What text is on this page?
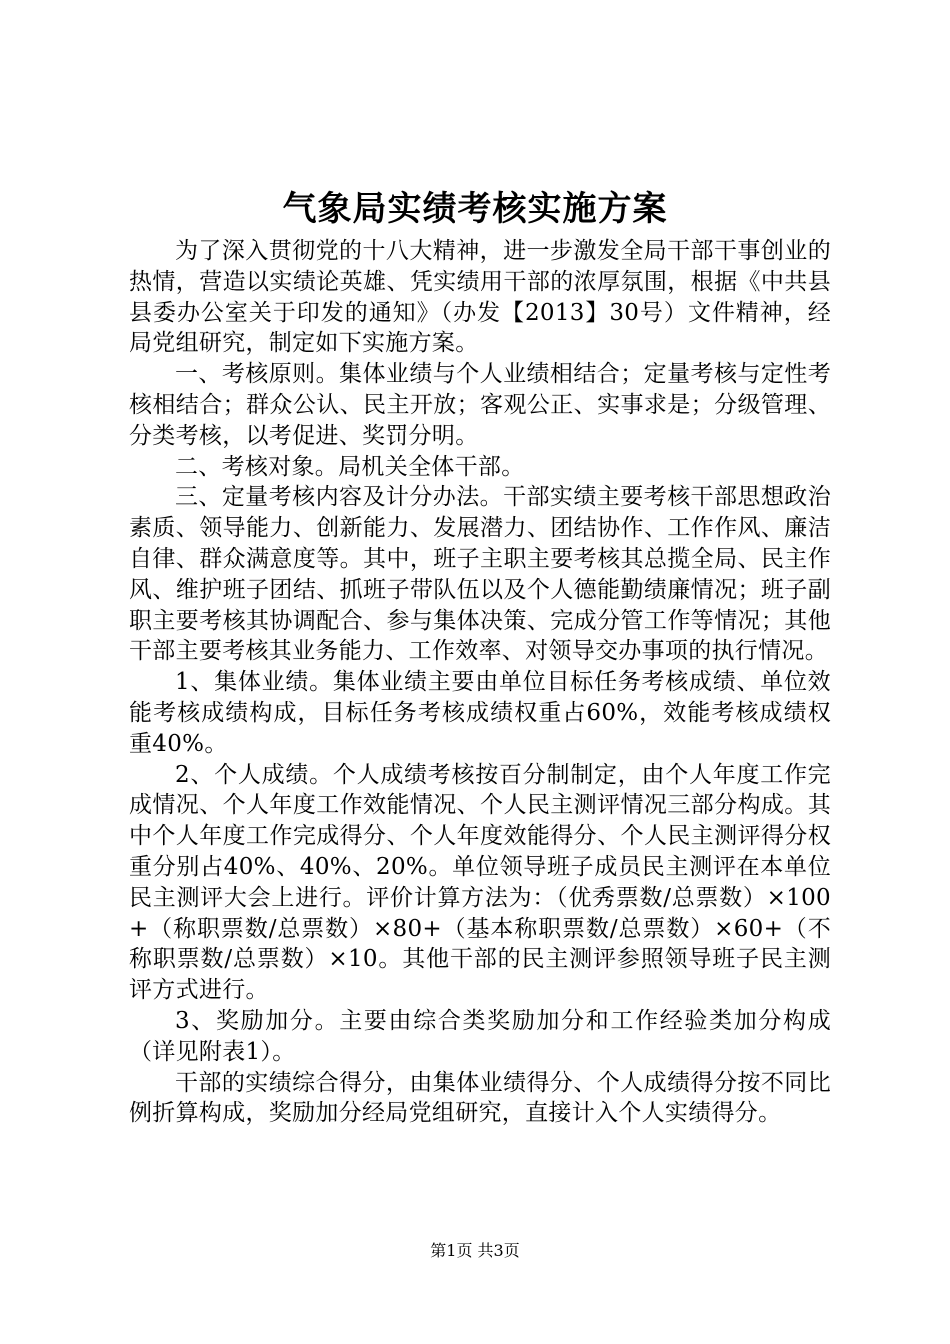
气象局实绩考核实施方案

为了深入贯彻党的十八大精神，进一步激发全局干部干事创业的热情，营造以实绩论英雄、凭实绩用干部的浓厚氛围，根据《中共县县委办公室关于印发的通知》（办发【2013】30号）文件精神，经局党组研究，制定如下实施方案。

一、考核原则。集体业绩与个人业绩相结合；定量考核与定性考核相结合；群众公认、民主开放；客观公正、实事求是；分级管理、分类考核，以考促进、奖罚分明。

二、考核对象。局机关全体干部。

三、定量考核内容及计分办法。干部实绩主要考核干部思想政治素质、领导能力、创新能力、发展潜力、团结协作、工作作风、廉洁自律、群众满意度等。其中，班子主职主要考核其总揽全局、民主作风、维护班子团结、抓班子带队伍以及个人德能勤绩廉情况；班子副职主要考核其协调配合、参与集体决策、完成分管工作等情况；其他干部主要考核其业务能力、工作效率、对领导交办事项的执行情况。

1、集体业绩。集体业绩主要由单位目标任务考核成绩、单位效能考核成绩构成，目标任务考核成绩权重占60%，效能考核成绩权重40%。

2、个人成绩。个人成绩考核按百分制制定，由个人年度工作完成情况、个人年度工作效能情况、个人民主测评情况三部分构成。其中个人年度工作完成得分、个人年度效能得分、个人民主测评得分权重分别占40%、40%、20%。单位领导班子成员民主测评在本单位民主测评大会上进行。评价计算方法为：（优秀票数/总票数）×100+（称职票数/总票数）×80+（基本称职票数/总票数）×60+（不称职票数/总票数）×10。其他干部的民主测评参照领导班子民主测评方式进行。

3、奖励加分。主要由综合类奖励加分和工作经验类加分构成（详见附表1）。

干部的实绩综合得分，由集体业绩得分、个人成绩得分按不同比例折算构成，奖励加分经局党组研究，直接计入个人实绩得分。

第1页 共3页
